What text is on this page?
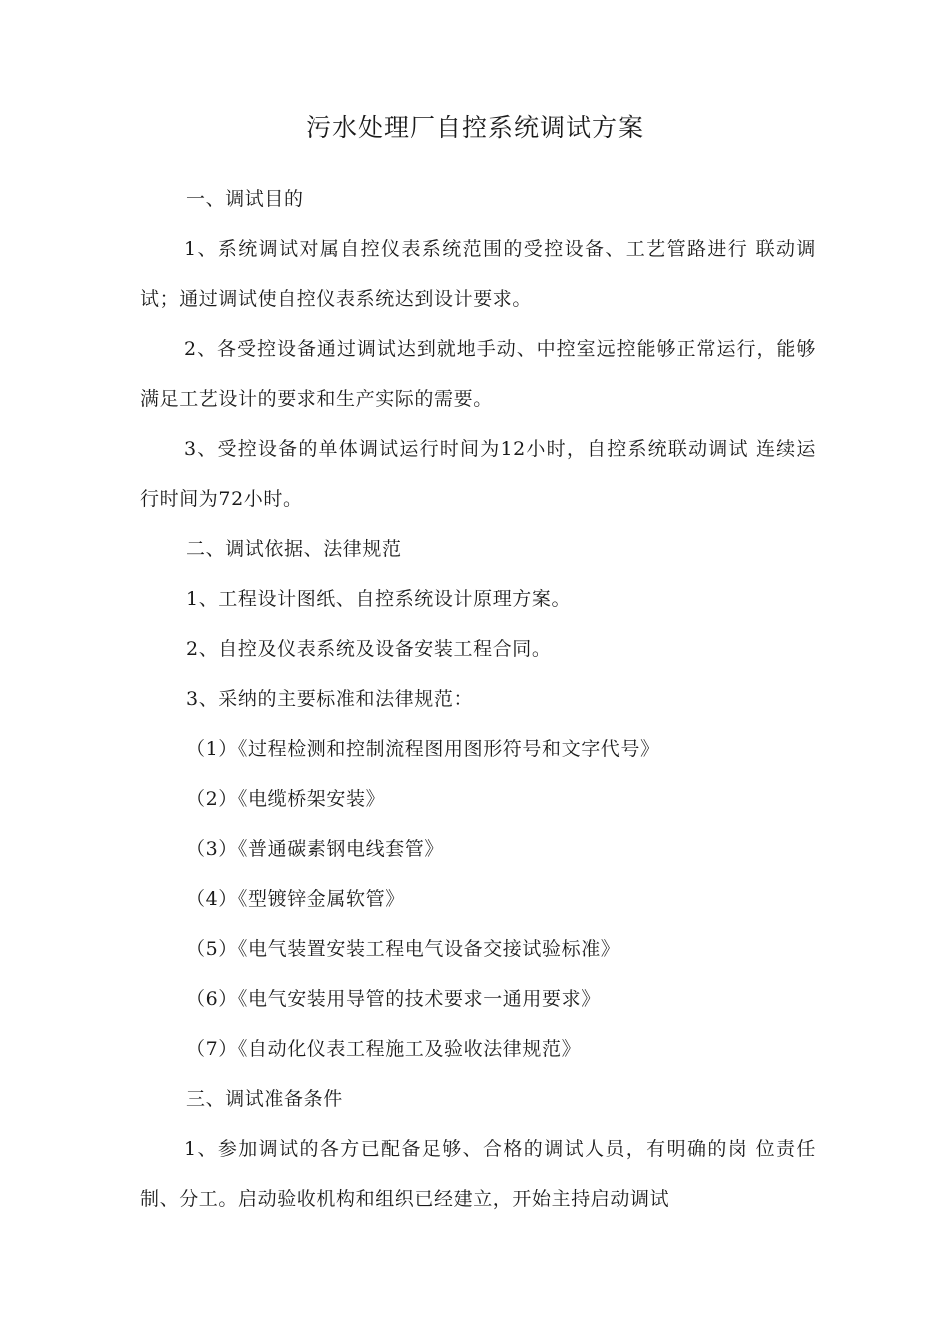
污水处理厂自控系统调试方案
一、调试目的

1、系统调试对属自控仪表系统范围的受控设备、工艺管路进行 联动调试；通过调试使自控仪表系统达到设计要求。

2、各受控设备通过调试达到就地手动、中控室远控能够正常运行，能够满足工艺设计的要求和生产实际的需要。

3、受控设备的单体调试运行时间为12小时，自控系统联动调试 连续运行时间为72小时。

二、调试依据、法律规范
1、工程设计图纸、自控系统设计原理方案。
2、自控及仪表系统及设备安装工程合同。
3、采纳的主要标准和法律规范：
（1）《过程检测和控制流程图用图形符号和文字代号》
（2）《电缆桥架安装》
（3）《普通碳素钢电线套管》
（4）《型镀锌金属软管》
（5）《电气装置安装工程电气设备交接试验标准》
（6）《电气安装用导管的技术要求一通用要求》
（7）《自动化仪表工程施工及验收法律规范》
三、调试准备条件

1、参加调试的各方已配备足够、合格的调试人员，有明确的岗 位责任制、分工。启动验收机构和组织已经建立，开始主持启动调试
